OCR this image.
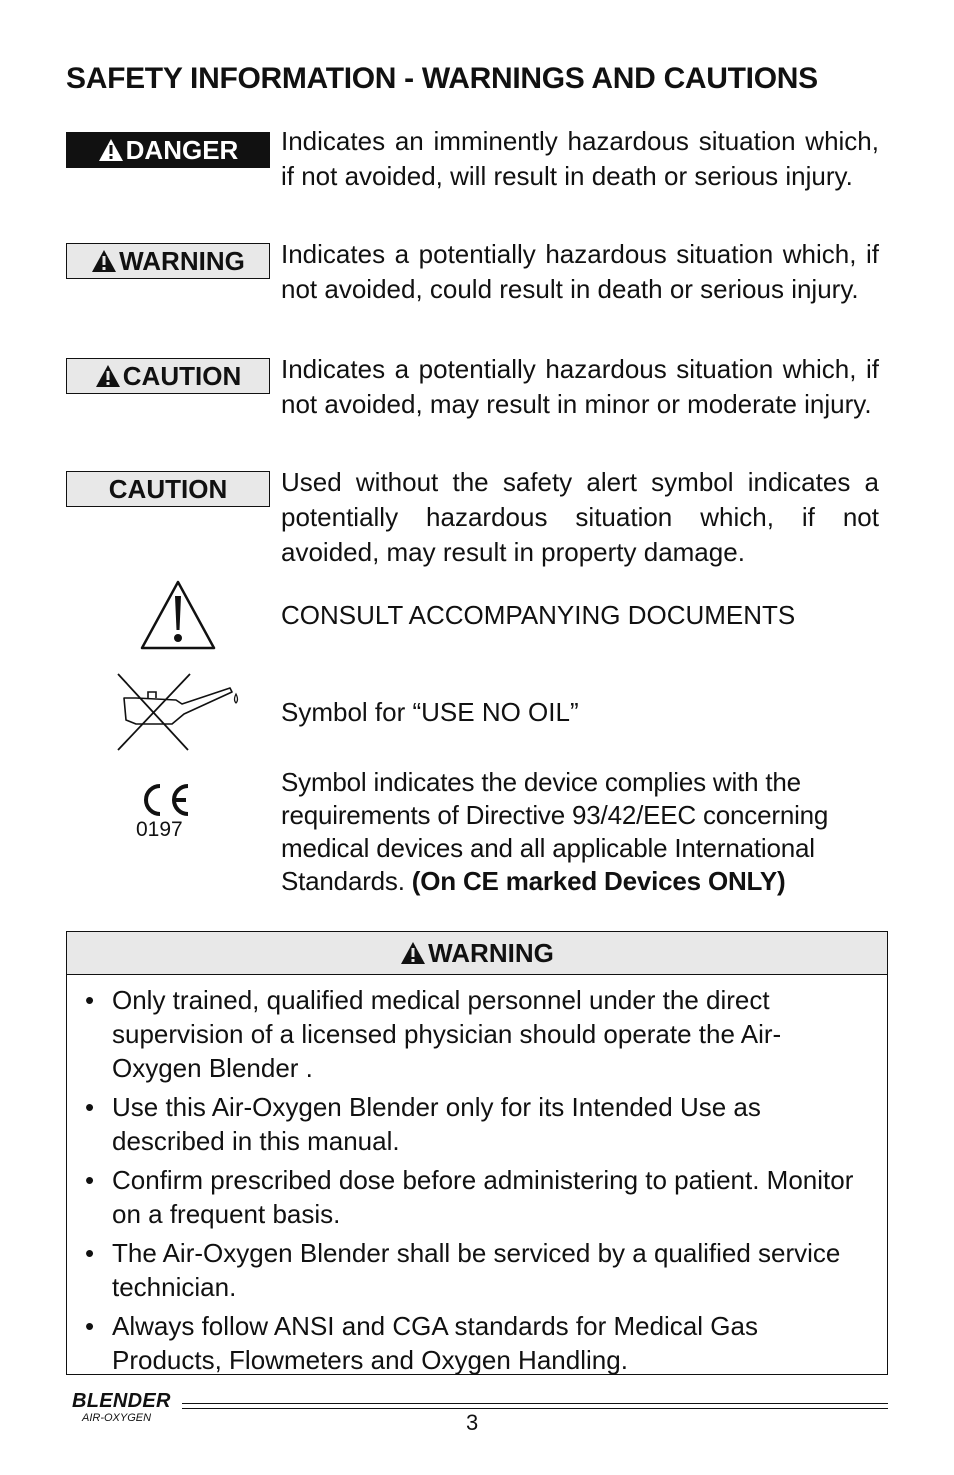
SAFETY INFORMATION - WARNINGS AND CAUTIONS
DANGER Indicates an imminently hazardous situation which, if not avoided, will result in death or serious injury.
WARNING Indicates a potentially hazardous situation which, if not avoided, could result in death or serious injury.
CAUTION Indicates a potentially hazardous situation which, if not avoided, may result in minor or moderate injury.
CAUTION Used without the safety alert symbol indicates a potentially hazardous situation which, if not avoided, may result in property damage.
CONSULT ACCOMPANYING DOCUMENTS
Symbol for “USE NO OIL”
0197
Symbol indicates the device complies with the requirements of Directive 93/42/EEC concerning medical devices and all applicable International Standards. (On CE marked Devices ONLY)
WARNING
• Only trained, qualified medical personnel under the direct supervision of a licensed physician should operate the Air-Oxygen Blender .
• Use this Air-Oxygen Blender only for its Intended Use as described in this manual.
• Confirm prescribed dose before administering to patient. Monitor on a frequent basis.
• The Air-Oxygen Blender shall be serviced by a qualified service technician.
• Always follow ANSI and CGA standards for Medical Gas Products, Flowmeters and Oxygen Handling.
BLENDER
AIR-OXYGEN	3
